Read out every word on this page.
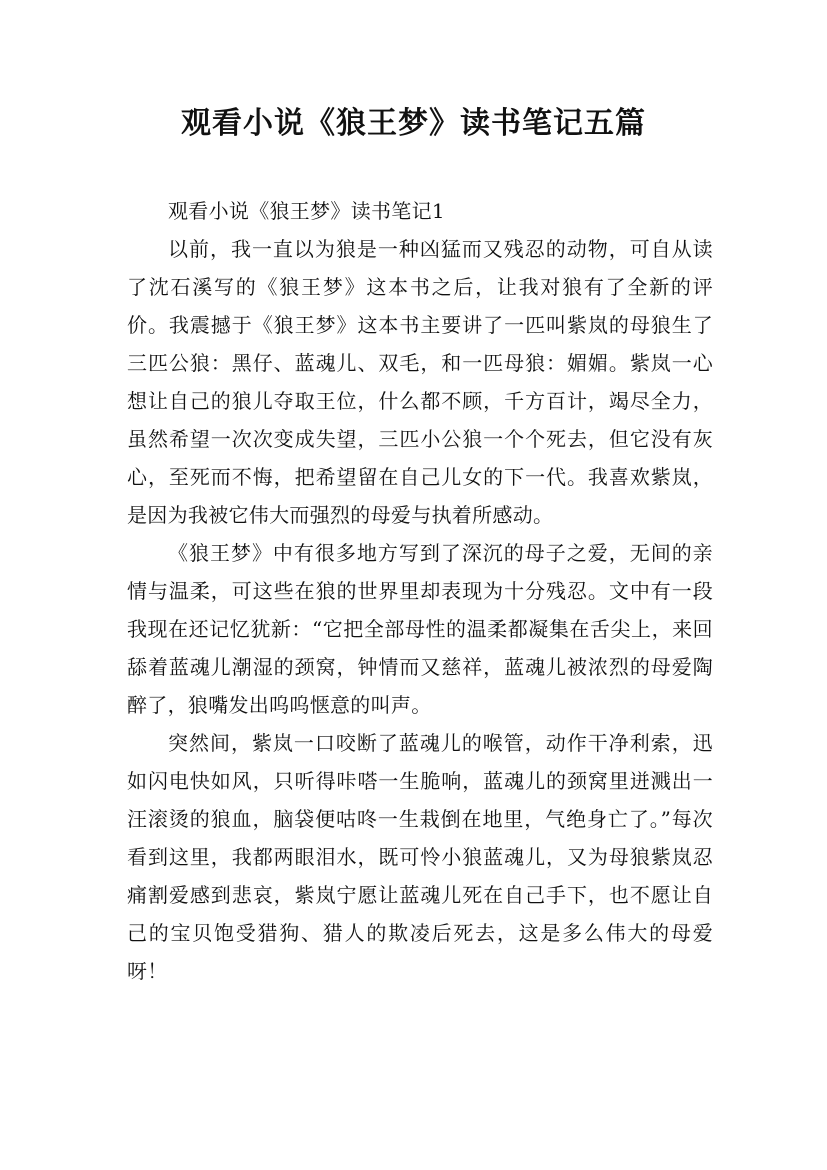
观看小说《狼王梦》读书笔记五篇

观看小说《狼王梦》读书笔记1

以前，我一直以为狼是一种凶猛而又残忍的动物，可自从读了沈石溪写的《狼王梦》这本书之后，让我对狼有了全新的评价。我震撼于《狼王梦》这本书主要讲了一匹叫紫岚的母狼生了三匹公狼：黑仔、蓝魂儿、双毛，和一匹母狼：媚媚。紫岚一心想让自己的狼儿夺取王位，什么都不顾，千方百计，竭尽全力，虽然希望一次次变成失望，三匹小公狼一个个死去，但它没有灰心，至死而不悔，把希望留在自己儿女的下一代。我喜欢紫岚，是因为我被它伟大而强烈的母爱与执着所感动。

《狼王梦》中有很多地方写到了深沉的母子之爱，无间的亲情与温柔，可这些在狼的世界里却表现为十分残忍。文中有一段我现在还记忆犹新：“它把全部母性的温柔都凝集在舌尖上，来回舔着蓝魂儿潮湿的颈窝，钟情而又慈祥，蓝魂儿被浓烈的母爱陶醉了，狼嘴发出呜呜惬意的叫声。

突然间，紫岚一口咬断了蓝魂儿的喉管，动作干净利索，迅如闪电快如风，只听得咔嗒一生脆响，蓝魂儿的颈窝里迸溅出一汪滚烫的狼血，脑袋便咕咚一生栽倒在地里，气绝身亡了。”每次看到这里，我都两眼泪水，既可怜小狼蓝魂儿，又为母狼紫岚忍痛割爱感到悲哀，紫岚宁愿让蓝魂儿死在自己手下，也不愿让自己的宝贝饱受猎狗、猎人的欺凌后死去，这是多么伟大的母爱呀！
